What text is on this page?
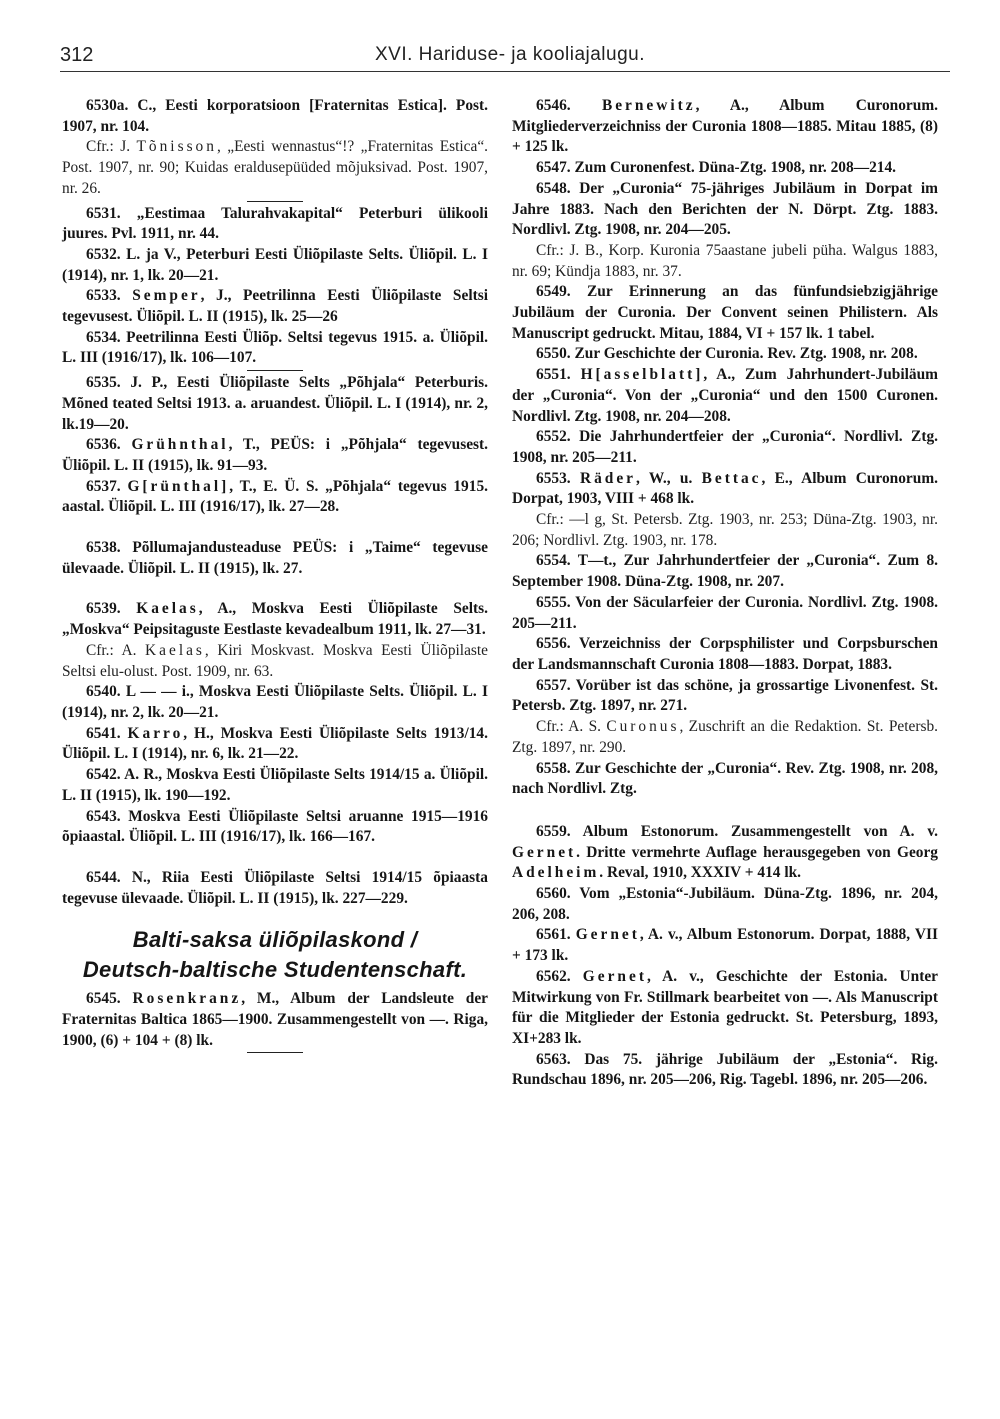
312	XVI. Hariduse- ja kooliajalugu.

6530a. C., Eesti korporatsioon [Fraternitas Estica]. Post. 1907, nr. 104.

Cfr.: J. Tõnisson, „Eesti wennastus“!? „Fraternitas Estica“. Post. 1907, nr. 90; Kuidas eraldusepüüded mõjuksivad. Post. 1907, nr. 26.

6531. „Eestimaa Talurahvakapital“ Peterburi ülikooli juures. Pvl. 1911, nr. 44.

6532. L. ja V., Peterburi Eesti Üliõpilaste Selts. Üliõpil. L. I (1914), nr. 1, lk. 20—21.

6533. Semper, J., Peetrilinna Eesti Üliõpilaste Seltsi tegevusest. Üliõpil. L. II (1915), lk. 25—26

6534. Peetrilinna Eesti Üliõp. Seltsi tegevus 1915. a. Üliõpil. L. III (1916/17), lk. 106—107.

6535. J. P., Eesti Üliõpilaste Selts „Põhjala“ Peterburis. Mõned teated Seltsi 1913. a. aruandest. Üliõpil. L. I (1914), nr. 2, lk.19—20.

6536. Grühnthal, T., PEÜS: i „Põhjala“ tegevusest. Üliõpil. L. II (1915), lk. 91—93.

6537. G[rünthal], T., E. Ü. S. „Põhjala“ tegevus 1915. aastal. Üliõpil. L. III (1916/17), lk. 27—28.

6538. Põllumajandusteaduse PEÜS: i „Taime“ tegevuse ülevaade. Üliõpil. L. II (1915), lk. 27.

6539. Kaelas, A., Moskva Eesti Üliõpilaste Selts. „Moskva“ Peipsitaguste Eestlaste kevadealbum 1911, lk. 27—31.

Cfr.: A. Kaelas, Kiri Moskvast. Moskva Eesti Üliõpilaste Seltsi elu-olust. Post. 1909, nr. 63.

6540. L — — i., Moskva Eesti Üliõpilaste Selts. Üliõpil. L. I (1914), nr. 2, lk. 20—21.

6541. Karro, H., Moskva Eesti Üliõpilaste Selts 1913/14. Üliõpil. L. I (1914), nr. 6, lk. 21—22.

6542. A. R., Moskva Eesti Üliõpilaste Selts 1914/15 a. Üliõpil. L. II (1915), lk. 190—192.

6543. Moskva Eesti Üliõpilaste Seltsi aruanne 1915—1916 õpiaastal. Üliõpil. L. III (1916/17), lk. 166—167.

6544. N., Riia Eesti Üliõpilaste Seltsi 1914/15 õpiaasta tegevuse ülevaade. Üliõpil. L. II (1915), lk. 227—229.

Balti-saksa üliõpilaskond /
Deutsch-baltische Studentenschaft.

6545. Rosenkranz, M., Album der Landsleute der Fraternitas Baltica 1865—1900. Zusammengestellt von —. Riga, 1900, (6) + 104 + (8) lk.

6546. Bernewitz, A., Album Curonorum. Mitgliederverzeichniss der Curonia 1808—1885. Mitau 1885, (8) + 125 lk.

6547. Zum Curonenfest. Düna-Ztg. 1908, nr. 208—214.

6548. Der „Curonia“ 75-jähriges Jubiläum in Dorpat im Jahre 1883. Nach den Berichten der N. Dörpt. Ztg. 1883. Nordlivl. Ztg. 1908, nr. 204—205.

Cfr.: J. B., Korp. Kuronia 75aastane jubeli püha. Walgus 1883, nr. 69; Kündja 1883, nr. 37.

6549. Zur Erinnerung an das fünfundsiebzigjährige Jubiläum der Curonia. Der Convent seinen Philistern. Als Manuscript gedruckt. Mitau, 1884, VI + 157 lk. 1 tabel.

6550. Zur Geschichte der Curonia. Rev. Ztg. 1908, nr. 208.

6551. H[asselblatt], A., Zum Jahrhundert-Jubiläum der „Curonia“. Von der „Curonia“ und den 1500 Curonen. Nordlivl. Ztg. 1908, nr. 204—208.

6552. Die Jahrhundertfeier der „Curonia“. Nordlivl. Ztg. 1908, nr. 205—211.

6553. Räder, W., u. Bettac, E., Album Curonorum. Dorpat, 1903, VIII + 468 lk.

Cfr.: —l g, St. Petersb. Ztg. 1903, nr. 253; Düna-Ztg. 1903, nr. 206; Nordlivl. Ztg. 1903, nr. 178.

6554. T—t., Zur Jahrhundertfeier der „Curonia“. Zum 8. September 1908. Düna-Ztg. 1908, nr. 207.

6555. Von der Säcularfeier der Curonia. Nordlivl. Ztg. 1908. 205—211.

6556. Verzeichniss der Corpsphilister und Corpsburschen der Landsmannschaft Curonia 1808—1883. Dorpat, 1883.

6557. Vorüber ist das schöne, ja grossartige Livonenfest. St. Petersb. Ztg. 1897, nr. 271.

Cfr.: A. S. Curonus, Zuschrift an die Redaktion. St. Petersb. Ztg. 1897, nr. 290.

6558. Zur Geschichte der „Curonia“. Rev. Ztg. 1908, nr. 208, nach Nordlivl. Ztg.

6559. Album Estonorum. Zusammengestellt von A. v. Gernet. Dritte vermehrte Auflage herausgegeben von Georg Adelheim. Reval, 1910, XXXIV + 414 lk.

6560. Vom „Estonia“-Jubiläum. Düna-Ztg. 1896, nr. 204, 206, 208.

6561. Gernet, A. v., Album Estonorum. Dorpat, 1888, VII + 173 lk.

6562. Gernet, A. v., Geschichte der Estonia. Unter Mitwirkung von Fr. Stillmark bearbeitet von —. Als Manuscript für die Mitglieder der Estonia gedruckt. St. Petersburg, 1893, XI+283 lk.

6563. Das 75. jährige Jubiläum der „Estonia“. Rig. Rundschau 1896, nr. 205—206, Rig. Tagebl. 1896, nr. 205—206.
